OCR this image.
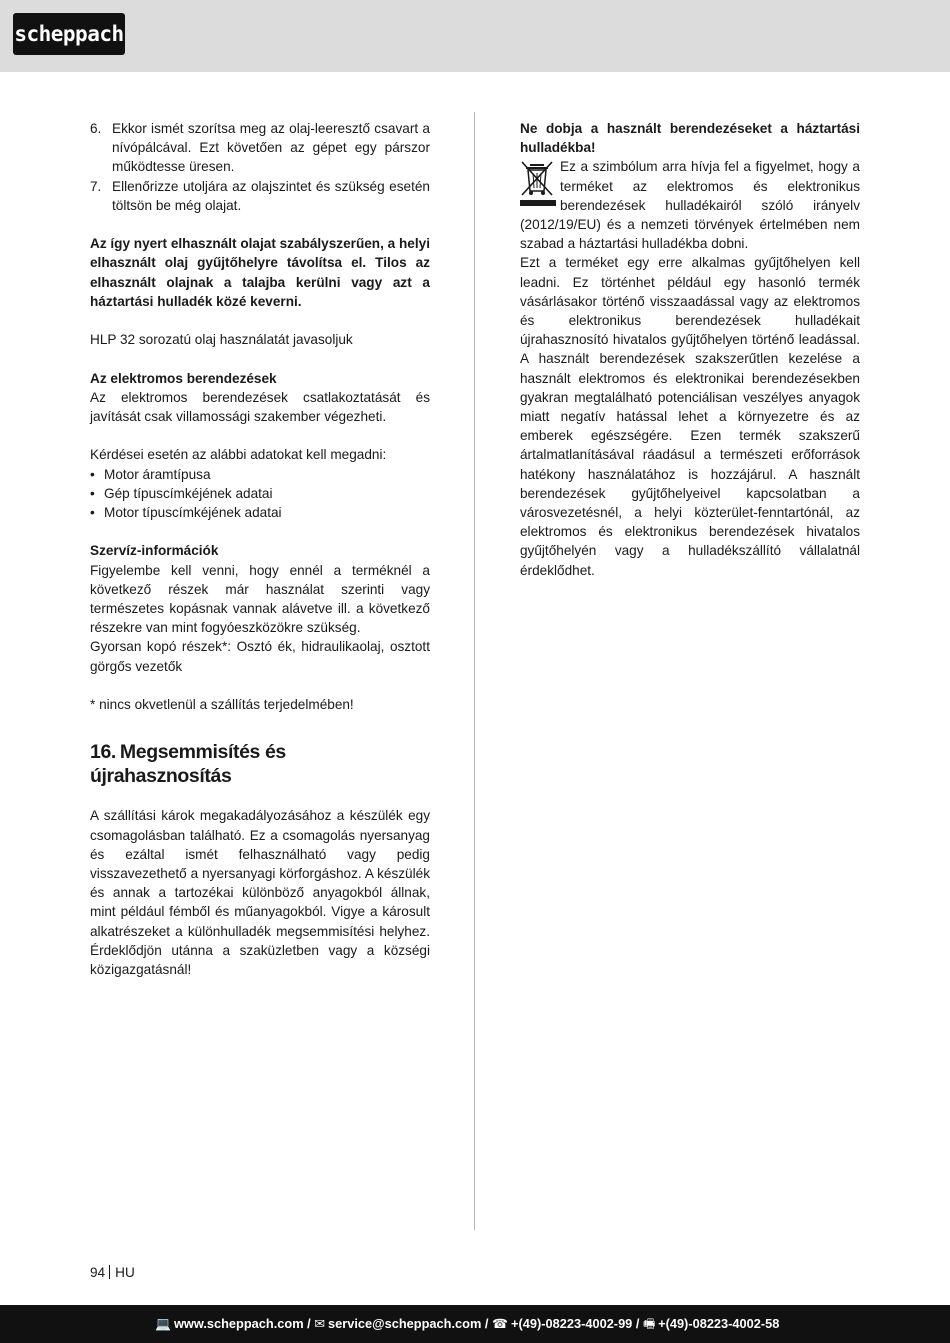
scheppach
6. Ekkor ismét szorítsa meg az olaj-leeresztő csavart a nívópálcával. Ezt követően az gépet egy párszor működtesse üresen.
7. Ellenőrizze utoljára az olajszintet és szükség esetén töltsön be még olajat.

Az így nyert elhasznált olajat szabályszerűen, a helyi elhasznált olaj gyűjtőhelyre távolítsa el. Tilos az elhasznált olajnak a talajba kerülni vagy azt a háztartási hulladék közé keverni.

HLP 32 sorozatú olaj használatát javasoljuk

Az elektromos berendezések

Az elektromos berendezések csatlakoztatását és javítását csak villamossági szakember végezheti.

Kérdései esetén az alábbi adatokat kell megadni:

• Motor áramtípusa
• Gép típuscímkéjének adatai
• Motor típuscímkéjének adatai

Szervíz-információk

Figyelembe kell venni, hogy ennél a terméknél a következő részek már használat szerinti vagy természetes kopásnak vannak alávetve ill. a következő részekre van mint fogyóeszközökre szükség.

Gyorsan kopó részek*: Osztó ék, hidraulikaolaj, osztott görgős vezetők

* nincs okvetlenül a szállítás terjedelmében!

16. Megsemmisítés és újrahasznosítás

A szállítási károk megakadályozásához a készülék egy csomagolásban található. Ez a csomagolás nyersanyag és ezáltal ismét felhasználható vagy pedig visszavezethető a nyersanyagi körforgáshoz. A készülék és annak a tartozékai különböző anyagokból állnak, mint például fémből és műanyagokból. Vigye a károsult alkatrészeket a különhulladék megsemmisítési helyhez. Érdeklődjön utánna a szaküzletben vagy a községi közigazgatásnál!

Ne dobja a használt berendezéseket a háztartási hulladékba!

Ez a szimbólum arra hívja fel a figyelmet, hogy a terméket az elektromos és elektronikus berendezések hulladékairól szóló irányelv (2012/19/EU) és a nemzeti törvények értelmében nem szabad a háztartási hulladékba dobni.

Ezt a terméket egy erre alkalmas gyűjtőhelyen kell leadni. Ez történhet például egy hasonló termék vásárlásakor történő visszaadással vagy az elektromos és elektronikus berendezések hulladékait újrahasznosító hivatalos gyűjtőhelyen történő leadással. A használt berendezések szakszerűtlen kezelése a használt elektromos és elektronikai berendezésekben gyakran megtalálható potenciálisan veszélyes anyagok miatt negatív hatással lehet a környezetre és az emberek egészségére. Ezen termék szakszerű ártalmatlanításával ráadásul a természeti erőforrások hatékony használatához is hozzájárul. A használt berendezések gyűjtőhelyeivel kapcsolatban a városvezetésnél, a helyi közterület-fenntartónál, az elektromos és elektronikus berendezések hivatalos gyűjtőhelyén vagy a hulladékszállító vállalatnál érdeklődhet.

94 HU
💻 www.scheppach.com / ✉ service@scheppach.com / ☎ +(49)-08223-4002-99 / 🖷 +(49)-08223-4002-58
